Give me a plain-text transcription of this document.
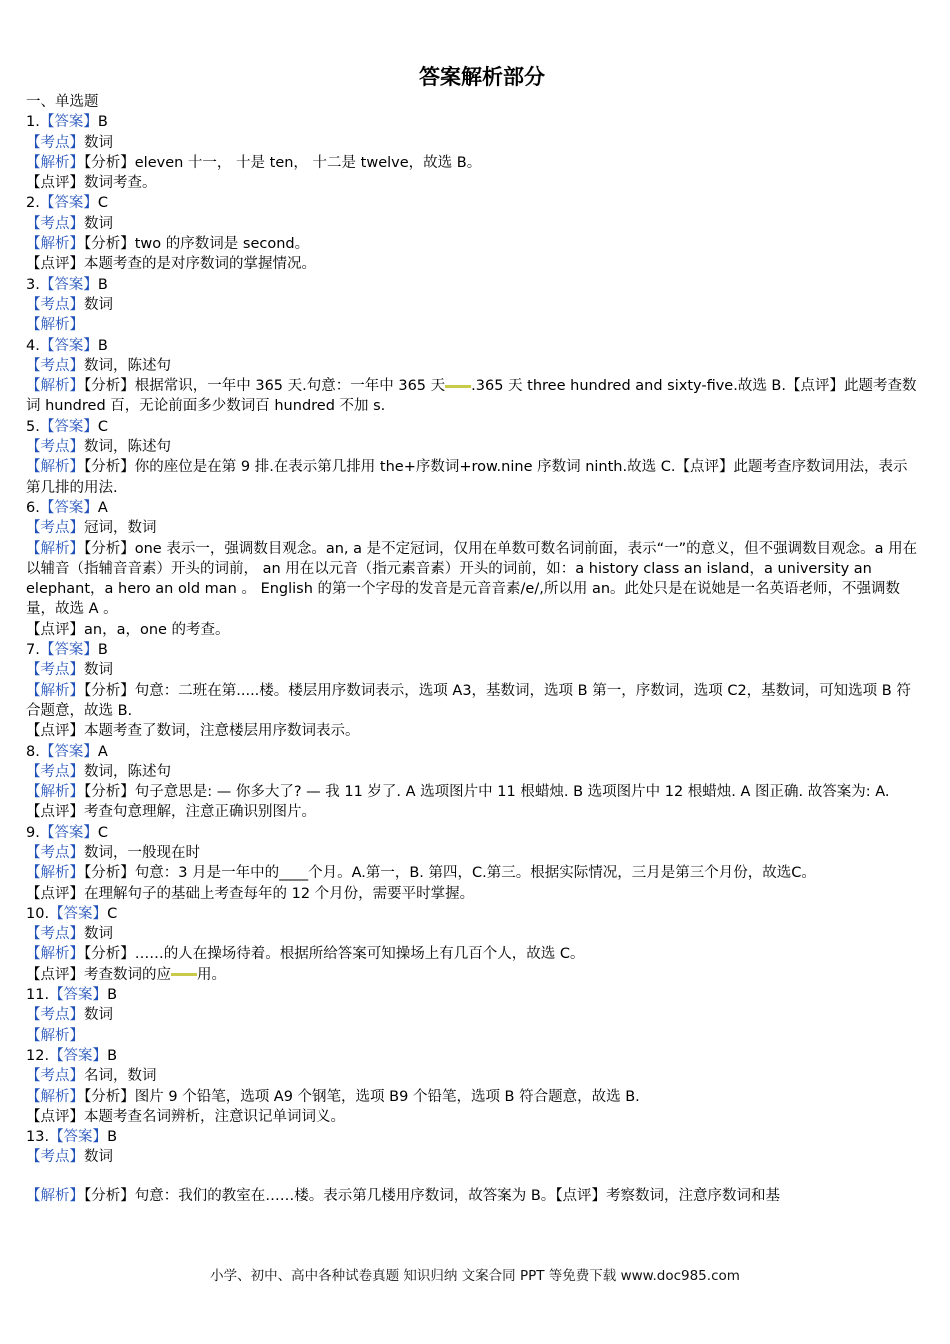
答案解析部分
一、单选题
1.【答案】B
【考点】数词
【解析】【分析】eleven 十一， 十是 ten， 十二是 twelve，故选 B。
【点评】数词考查。
2.【答案】C
【考点】数词
【解析】【分析】two 的序数词是 second。
【点评】本题考查的是对序数词的掌握情况。
3.【答案】B
【考点】数词
【解析】
4.【答案】B
【考点】数词，陈述句
【解析】【分析】根据常识，一年中 365 天.句意：一年中 365 天 .365 天 three hundred and sixty-five.故选 B.【点评】此题考查数词 hundred 百，无论前面多少数词百 hundred 不加 s.
5.【答案】C
【考点】数词，陈述句
【解析】【分析】你的座位是在第 9 排.在表示第几排用 the+序数词+row.nine 序数词 ninth.故选 C.【点评】此题考查序数词用法，表示第几排的用法.
6.【答案】A
【考点】冠词，数词
【解析】【分析】one 表示一，强调数目观念。an, a 是不定冠词，仅用在单数可数名词前面，表示“一”的意义，但不强调数目观念。a 用在以辅音（指辅音音素）开头的词前， an 用在以元音（指元素音素）开头的词前，如：a history class an island，a university an elephant，a hero an old man 。 English 的第一个字母的发音是元音音素/e/,所以用 an。此处只是在说她是一名英语老师，不强调数量，故选 A 。
【点评】an，a，one 的考查。
7.【答案】B
【考点】数词
【解析】【分析】句意：二班在第.....楼。楼层用序数词表示，选项 A3，基数词，选项 B 第一，序数词，选项 C2，基数词，可知选项 B 符合题意，故选 B.
【点评】本题考查了数词，注意楼层用序数词表示。
8.【答案】A
【考点】数词，陈述句
【解析】【分析】句子意思是: — 你多大了? — 我 11 岁了. A 选项图片中 11 根蜡烛. B 选项图片中 12 根蜡烛. A 图正确. 故答案为: A.
【点评】考查句意理解，注意正确识别图片。
9.【答案】C
【考点】数词，一般现在时
【解析】【分析】句意：3 月是一年中的____个月。A.第一，B. 第四，C.第三。根据实际情况，三月是第三个月份，故选C。
【点评】在理解句子的基础上考查每年的 12 个月份，需要平时掌握。
10.【答案】C
【考点】数词
【解析】【分析】……的人在操场待着。根据所给答案可知操场上有几百个人，故选 C。
【点评】考查数词的应 用。
11.【答案】B
【考点】数词
【解析】
12.【答案】B
【考点】名词，数词
【解析】【分析】图片 9 个铅笔，选项 A9 个钢笔，选项 B9 个铅笔，选项 B 符合题意，故选 B.
【点评】本题考查名词辨析，注意识记单词词义。
13.【答案】B
【考点】数词
【解析】【分析】句意：我们的教室在……楼。表示第几楼用序数词，故答案为 B。【点评】考察数词，注意序数词和基
小学、初中、高中各种试卷真题 知识归纳 文案合同 PPT 等免费下载 www.doc985.com
